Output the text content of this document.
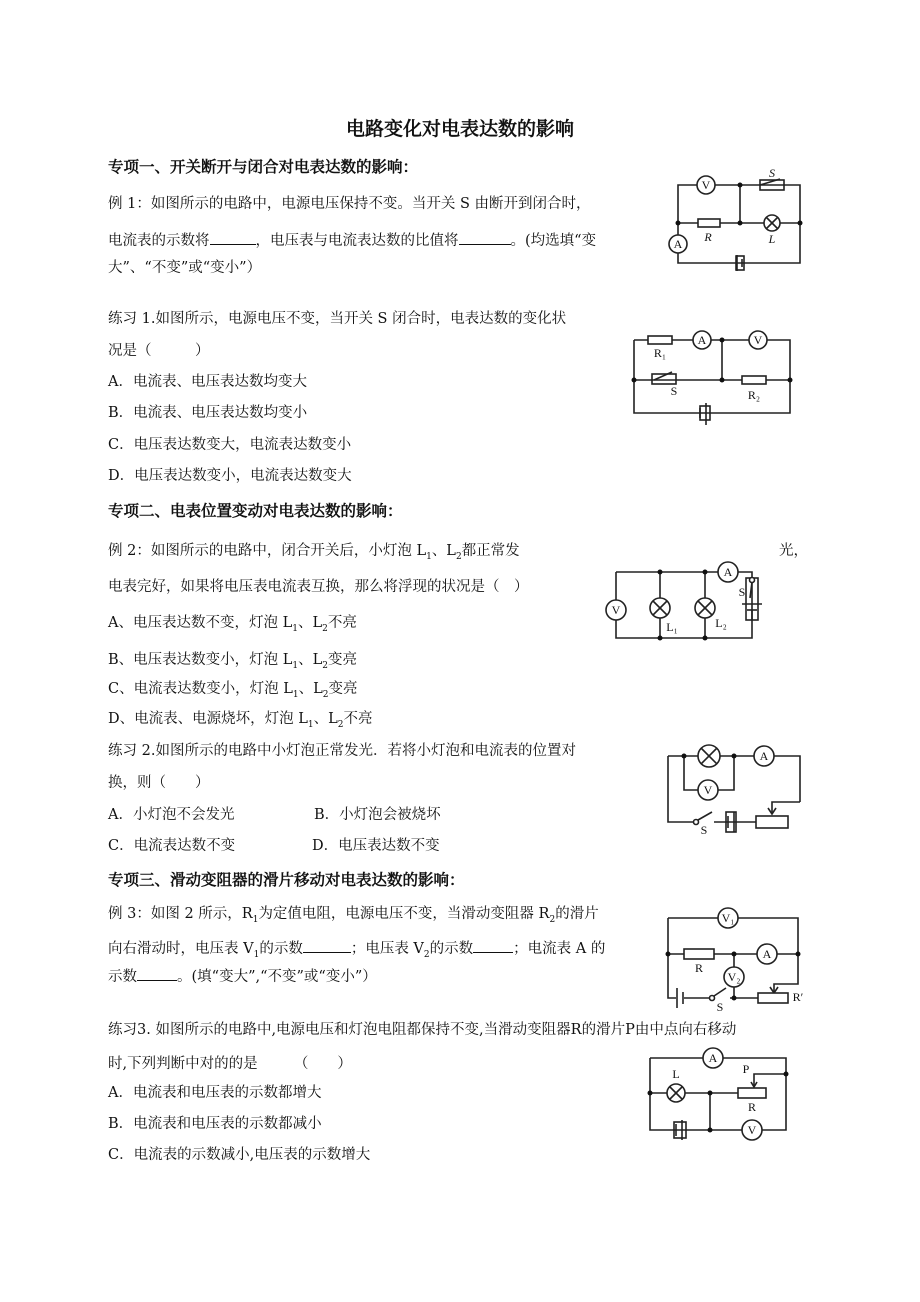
电路变化对电表达数的影响
专项一、开关断开与闭合对电表达数的影响：
例 1：如图所示的电路中，电源电压保持不变。当开关 S 由断开到闭合时，
电流表的示数将	，电压表与电流表达数的比值将	。(均选填“变
大”、“不变”或“变小”）
S
V
R	L
A
练习 1.如图所示，电源电压不变，当开关 S 闭合时，电表达数的变化状
况是（　　　）
A．电流表、电压表达数均变大
B．电流表、电压表达数均变小
C．电压表达数变大，电流表达数变小
D．电压表达数变小，电流表达数变大
R₁
A	V
S	R₂
专项二、电表位置变动对电表达数的影响：
例 2：如图所示的电路中，闭合开关后，小灯泡 $L_1$、$L_2$都正常发	光，
电表完好，如果将电压表电流表互换，那么将浮现的状况是（　）
A、电压表达数不变，灯泡 $L_1$、$L_2$不亮
B、电压表达数变小，灯泡 $L_1$、$L_2$变亮
C、电流表达数变小，灯泡 $L_1$、$L_2$变亮
D、电流表、电源烧坏，灯泡 $L_1$、$L_2$不亮
V
L₁	L₂
A
S
练习 2.如图所示的电路中小灯泡正常发光．若将小灯泡和电流表的位置对
换，则（　　）
A．小灯泡不会发光	B．小灯泡会被烧坏
C．电流表达数不变	D．电压表达数不变
A
V
S
专项三、滑动变阻器的滑片移动对电表达数的影响：
例 3：如图 2 所示，$R_1$为定值电阻，电源电压不变，当滑动变阻器 $R_2$的滑片
向右滑动时，电压表 $V_1$的示数	；电压表 $V_2$的示数	；电流表 A 的
示数	。(填“变大”,“不变”或“变小”）
V₁
R
A
V₂
S
R′
练习3. 如图所示的电路中,电源电压和灯泡电阻都保持不变,当滑动变阻器R的滑片P由中点向右移动
时,下列判断中对的的是　　　（　　）
A．电流表和电压表的示数都增大
B．电流表和电压表的示数都减小
C．电流表的示数减小,电压表的示数增大
A
L	P
R
V
